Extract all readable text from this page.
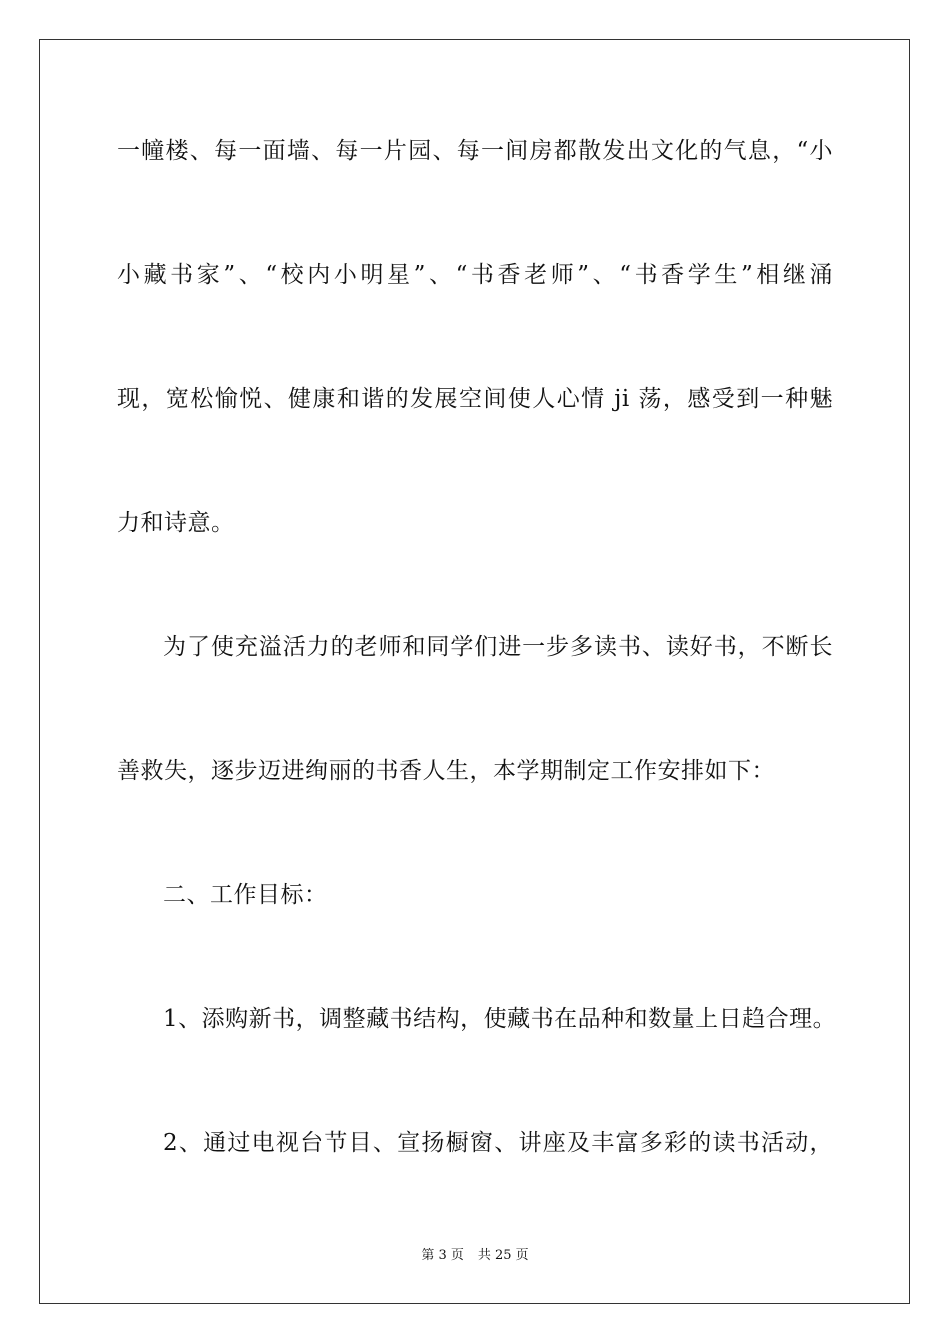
一幢楼、每一面墙、每一片园、每一间房都散发出文化的气息，“小
小藏书家”、“校内小明星”、“书香老师”、“书香学生”相继涌
现，宽松愉悦、健康和谐的发展空间使人心情 ji 荡，感受到一种魅
力和诗意。
为了使充溢活力的老师和同学们进一步多读书、读好书，不断长
善救失，逐步迈进绚丽的书香人生，本学期制定工作安排如下：
二、工作目标：
1、添购新书，调整藏书结构，使藏书在品种和数量上日趋合理。
2、通过电视台节目、宣扬橱窗、讲座及丰富多彩的读书活动，
第 3 页 共 25 页
